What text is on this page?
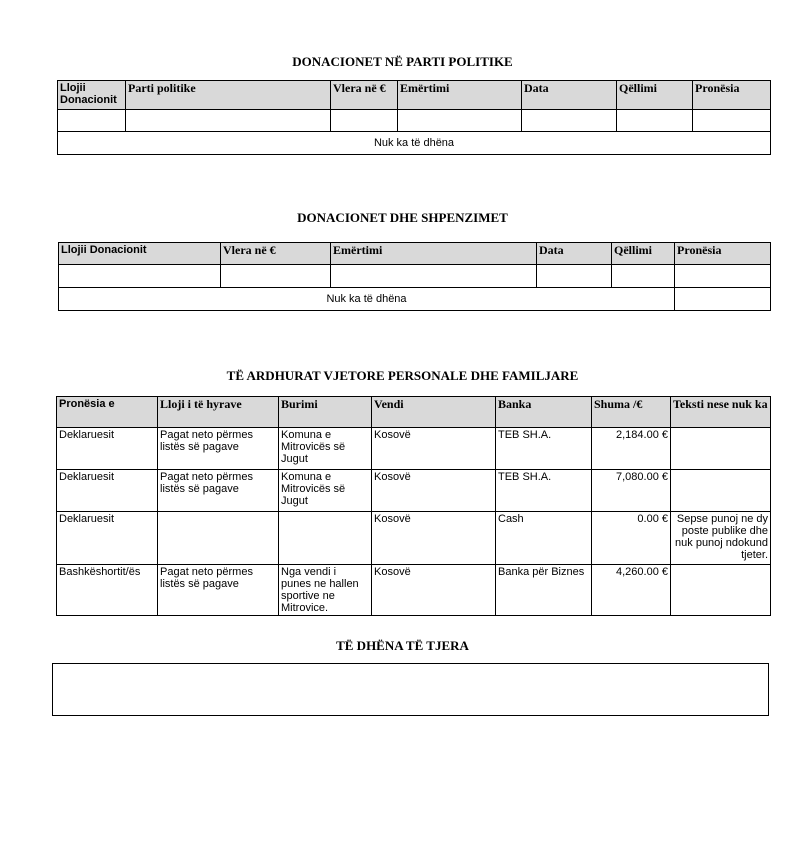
DONACIONET NË PARTI POLITIKE
Llojii Donacionit	Parti politike	Vlera në €	Emërtimi	Data	Qëllimi	Pronësia

Nuk ka të dhëna						
DONACIONET DHE SHPENZIMET
Llojii Donacionit	Vlera në €	Emërtimi	Data	Qëllimi	Pronësia

Nuk ka të dhëna					
TË ARDHURAT VJETORE PERSONALE DHE FAMILJARE
Pronësia e	Lloji i të hyrave	Burimi	Vendi	Banka	Shuma /€	Teksti nese nuk ka
Deklaruesit	Pagat neto përmes listës së pagave	Komuna e Mitrovicës së Jugut	Kosovë	TEB SH.A.	2,184.00 €	
Deklaruesit	Pagat neto përmes listës së pagave	Komuna e Mitrovicës së Jugut	Kosovë	TEB SH.A.	7,080.00 €	
Deklaruesit			Kosovë	Cash	0.00 €	Sepse punoj ne dy poste publike dhe nuk punoj ndokund tjeter.
Bashkëshortit/ës	Pagat neto përmes listës së pagave	Nga vendi i punes ne hallen sportive ne Mitrovice.	Kosovë	Banka për Biznes	4,260.00 €	
TË DHËNA TË TJERA
